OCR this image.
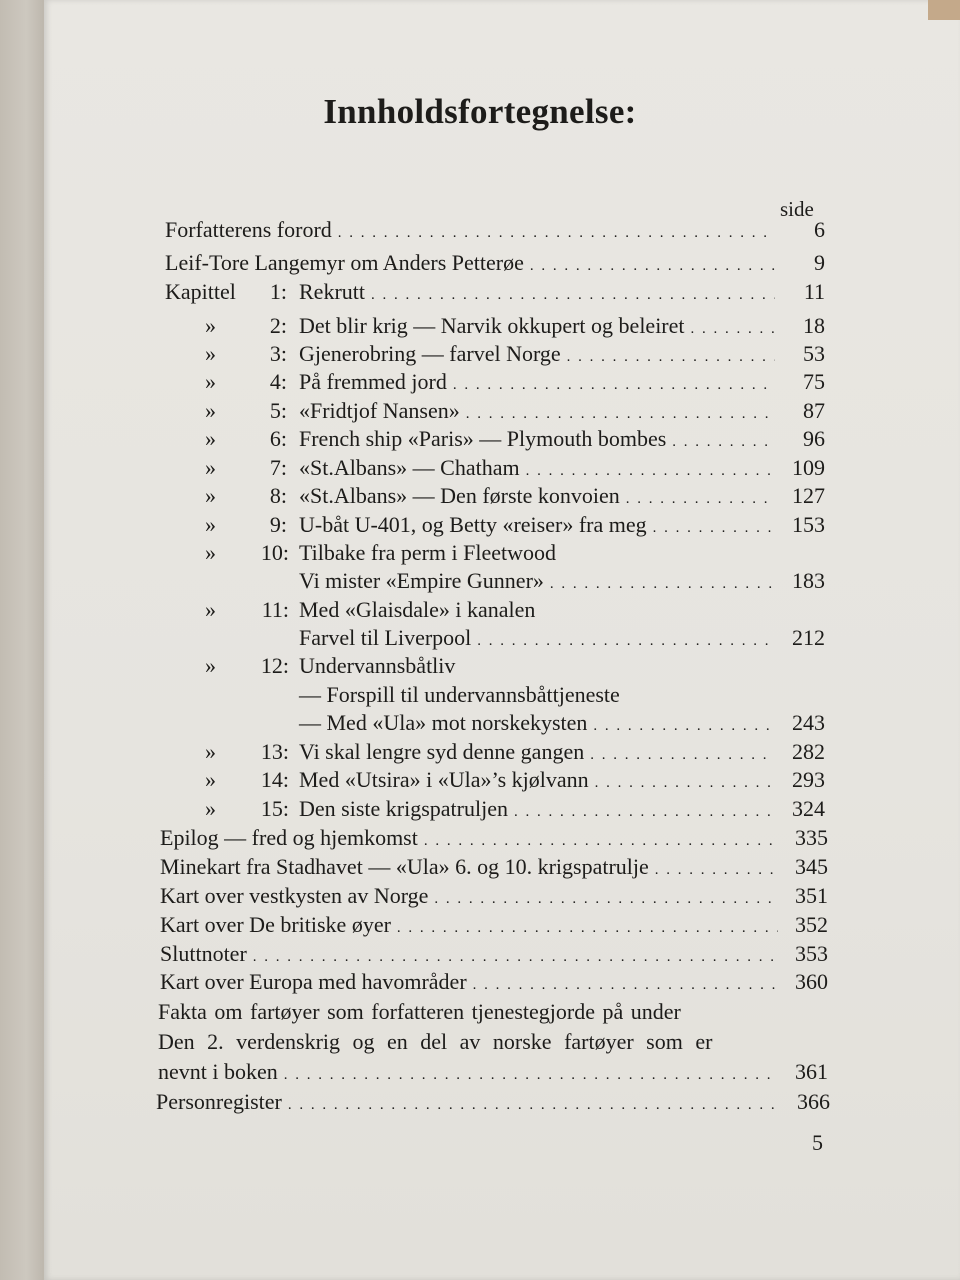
Innholdsfortegnelse:
side
Forfatterens forord . . .	6
Leif-Tore Langemyr om Anders Petterøe . . .	9
Kapittel	1: Rekrutt . . .	11
»	2: Det blir krig — Narvik okkupert og beleiret . . .	18
»	3: Gjenerobring — farvel Norge . . .	53
»	4: På fremmed jord . . .	75
»	5: «Fridtjof Nansen» . . .	87
»	6: French ship «Paris» — Plymouth bombes . . .	96
»	7: «St.Albans» — Chatham . . .	109
»	8: «St.Albans» — Den første konvoien . . .	127
»	9: U-båt U-401, og Betty «reiser» fra meg . . .	153
» 10: Tilbake fra perm i Fleetwood
Vi mister «Empire Gunner» . . .	183
» 11: Med «Glaisdale» i kanalen
Farvel til Liverpool . . .	212
» 12: Undervannsbåtliv
— Forspill til undervannsbåttjeneste
— Med «Ula» mot norskekysten . . .	243
»	13: Vi skal lengre syd denne gangen . . .	282
»	14: Med «Utsira» i «Ula»’s kjølvann . . .	293
»	15: Den siste krigspatruljen . . .	324
Epilog — fred og hjemkomst . . .	335
Minekart fra Stadhavet — «Ula» 6. og 10. krigspatrulje . . .	345
Kart over vestkysten av Norge . . .	351
Kart over De britiske øyer . . .	352
Sluttnoter . . .	353
Kart over Europa med havområder . . .	360
Fakta om fartøyer som forfatteren tjenestegjorde på under
Den 2. verdenskrig og en del av norske fartøyer som er
nevnt i boken . . .	361
Personregister . . .	366
5
